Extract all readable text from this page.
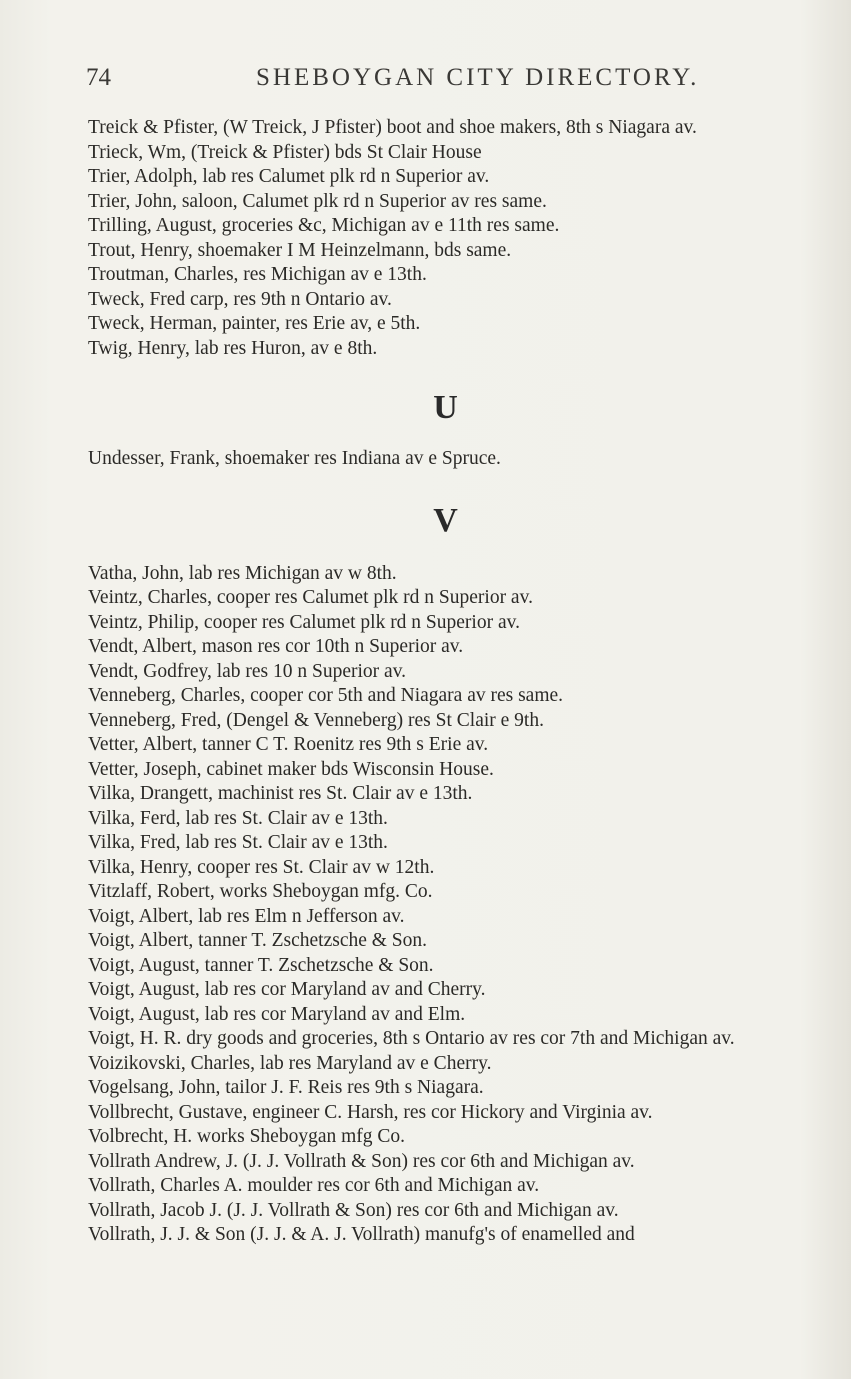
74	SHEBOYGAN CITY DIRECTORY.
Treick & Pfister, (W Treick, J Pfister) boot and shoe makers, 8th s Niagara av.
Trieck, Wm, (Treick & Pfister) bds St Clair House
Trier, Adolph, lab res Calumet plk rd n Superior av.
Trier, John, saloon, Calumet plk rd n Superior av res same.
Trilling, August, groceries &c, Michigan av e 11th res same.
Trout, Henry, shoemaker I M Heinzelmann, bds same.
Troutman, Charles, res Michigan av e 13th.
Tweck, Fred carp, res 9th n Ontario av.
Tweck, Herman, painter, res Erie av, e 5th.
Twig, Henry, lab res Huron, av e 8th.
U
Undesser, Frank, shoemaker res Indiana av e Spruce.
V
Vatha, John, lab res Michigan av w 8th.
Veintz, Charles, cooper res Calumet plk rd n Superior av.
Veintz, Philip, cooper res Calumet plk rd n Superior av.
Vendt, Albert, mason res cor 10th n Superior av.
Vendt, Godfrey, lab res 10 n Superior av.
Venneberg, Charles, cooper cor 5th and Niagara av res same.
Venneberg, Fred, (Dengel & Venneberg) res St Clair e 9th.
Vetter, Albert, tanner C T. Roenitz res 9th s Erie av.
Vetter, Joseph, cabinet maker bds Wisconsin House.
Vilka, Drangett, machinist res St. Clair av e 13th.
Vilka, Ferd, lab res St. Clair av e 13th.
Vilka, Fred, lab res St. Clair av e 13th.
Vilka, Henry, cooper res St. Clair av w 12th.
Vitzlaff, Robert, works Sheboygan mfg. Co.
Voigt, Albert, lab res Elm n Jefferson av.
Voigt, Albert, tanner T. Zschetzsche & Son.
Voigt, August, tanner T. Zschetzsche & Son.
Voigt, August, lab res cor Maryland av and Cherry.
Voigt, August, lab res cor Maryland av and Elm.
Voigt, H. R. dry goods and groceries, 8th s Ontario av res cor 7th and Michigan av.
Voizikovski, Charles, lab res Maryland av e Cherry.
Vogelsang, John, tailor J. F. Reis res 9th s Niagara.
Vollbrecht, Gustave, engineer C. Harsh, res cor Hickory and Virginia av.
Volbrecht, H. works Sheboygan mfg Co.
Vollrath Andrew, J. (J. J. Vollrath & Son) res cor 6th and Michigan av.
Vollrath, Charles A. moulder res cor 6th and Michigan av.
Vollrath, Jacob J. (J. J. Vollrath & Son) res cor 6th and Michigan av.
Vollrath, J. J. & Son (J. J. & A. J. Vollrath) manufg's of enamelled and
